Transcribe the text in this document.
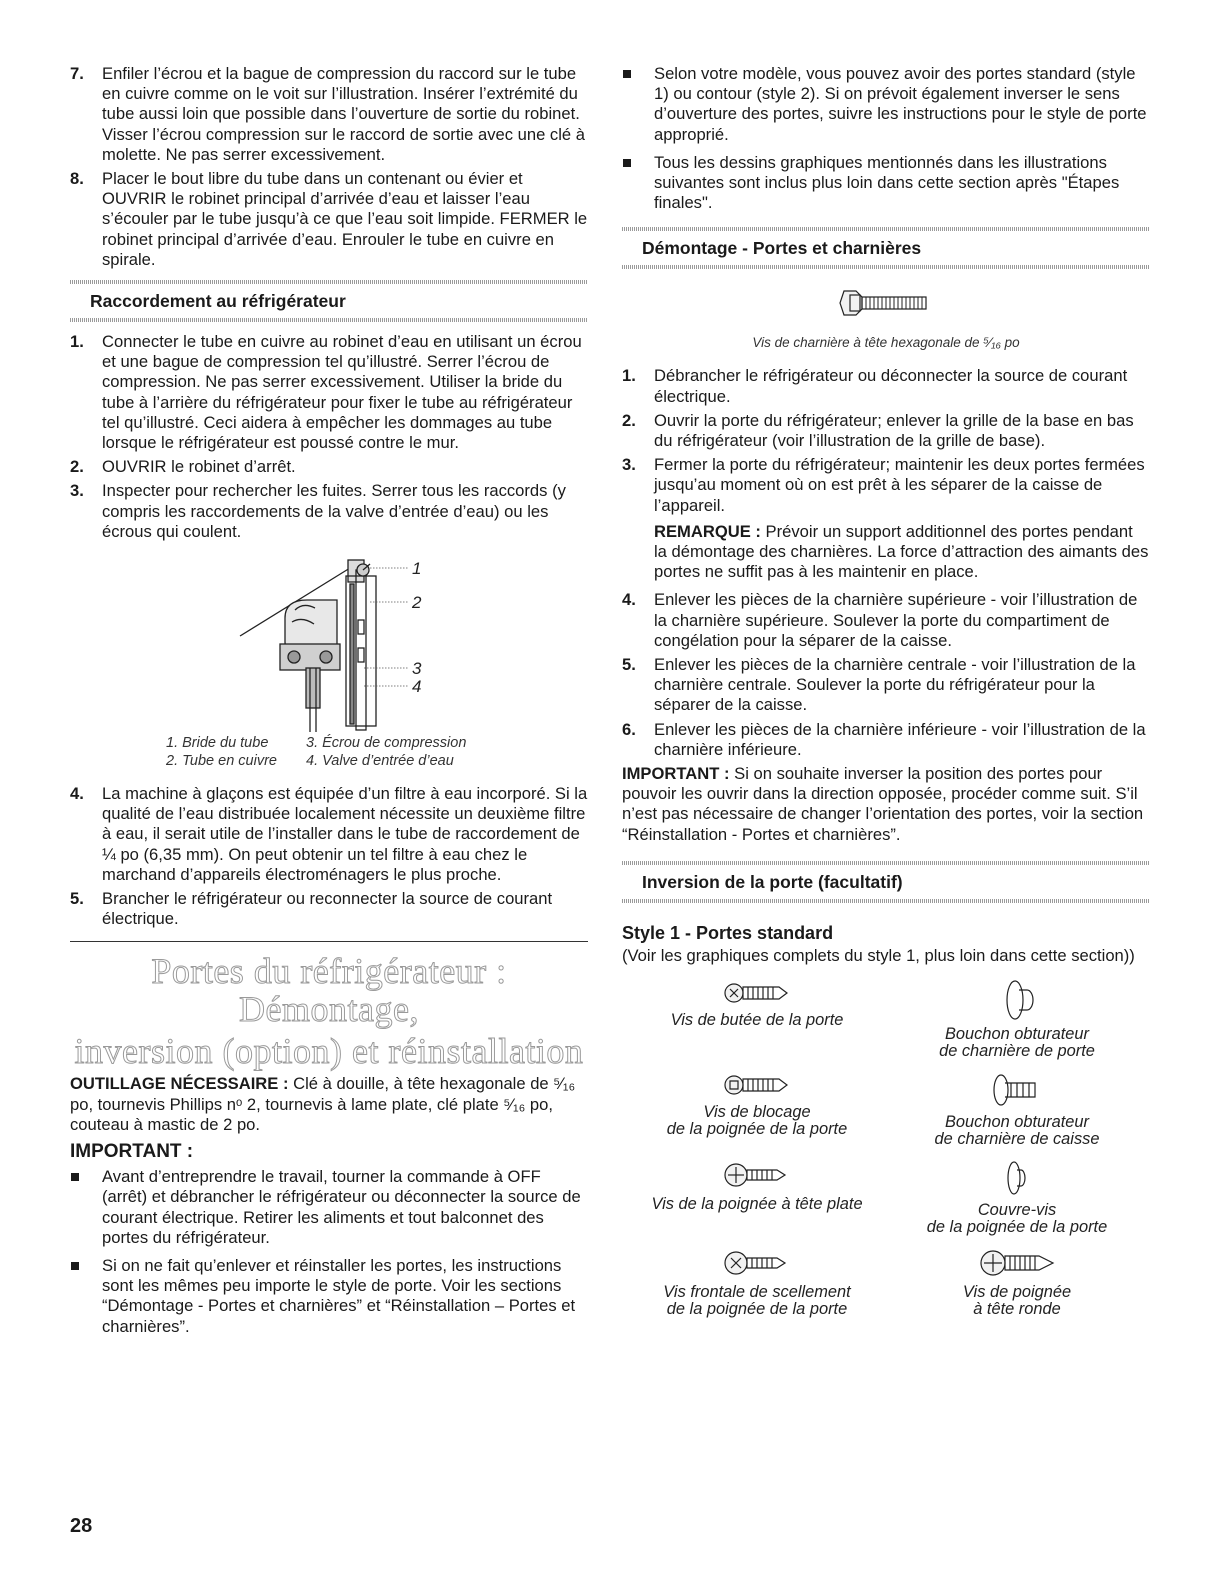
7. Enfiler l’écrou et la bague de compression du raccord sur le tube en cuivre comme on le voit sur l’illustration. Insérer l’extrémité du tube aussi loin que possible dans l’ouverture de sortie du robinet. Visser l’écrou compression sur le raccord de sortie avec une clé à molette. Ne pas serrer excessivement.
8. Placer le bout libre du tube dans un contenant ou évier et OUVRIR le robinet principal d’arrivée d’eau et laisser l’eau s’écouler par le tube jusqu’à ce que l’eau soit limpide. FERMER le robinet principal d’arrivée d’eau. Enrouler le tube en cuivre en spirale.
Raccordement au réfrigérateur
1. Connecter le tube en cuivre au robinet d’eau en utilisant un écrou et une bague de compression tel qu’illustré. Serrer l’écrou de compression. Ne pas serrer excessivement. Utiliser la bride du tube à l’arrière du réfrigérateur pour fixer le tube au réfrigérateur tel qu’illustré. Ceci aidera à empêcher les dommages au tube lorsque le réfrigérateur est poussé contre le mur.
2. OUVRIR le robinet d’arrêt.
3. Inspecter pour rechercher les fuites. Serrer tous les raccords (y compris les raccordements de la valve d’entrée d’eau) ou les écrous qui coulent.
1
2
3
4
1. Bride du tube	3. Écrou de compression
2. Tube en cuivre	4. Valve d’entrée d’eau
4. La machine à glaçons est équipée d’un filtre à eau incorporé. Si la qualité de l’eau distribuée localement nécessite un deuxième filtre à eau, il serait utile de l’installer dans le tube de raccordement de ¼ po (6,35 mm). On peut obtenir un tel filtre à eau chez le marchand d’appareils électroménagers le plus proche.
5. Brancher le réfrigérateur ou reconnecter la source de courant électrique.
Portes du réfrigérateur : Démontage,
inversion (option) et réinstallation

OUTILLAGE NÉCESSAIRE : Clé à douille, à tête hexagonale de ⁵⁄₁₆ po, tournevis Phillips nᵒ 2, tournevis à lame plate, clé plate ⁵⁄₁₆ po, couteau à mastic de 2 po.

IMPORTANT :
Avant d’entreprendre le travail, tourner la commande à OFF (arrêt) et débrancher le réfrigérateur ou déconnecter la source de courant électrique. Retirer les aliments et tout balconnet des portes du réfrigérateur.
Si on ne fait qu’enlever et réinstaller les portes, les instructions sont les mêmes peu importe le style de porte. Voir les sections “Démontage - Portes et charnières” et “Réinstallation – Portes et charnières”.
Selon votre modèle, vous pouvez avoir des portes standard (style 1) ou contour (style 2). Si on prévoit également inverser le sens d’ouverture des portes, suivre les instructions pour le style de porte approprié.
Tous les dessins graphiques mentionnés dans les illustrations suivantes sont inclus plus loin dans cette section après "Étapes finales".
Démontage - Portes et charnières
Vis de charnière à tête hexagonale de ⁵⁄₁₆ po
1. Débrancher le réfrigérateur ou déconnecter la source de courant électrique.
2. Ouvrir la porte du réfrigérateur; enlever la grille de la base en bas du réfrigérateur (voir l’illustration de la grille de base).
3. Fermer la porte du réfrigérateur; maintenir les deux portes fermées jusqu’au moment où on est prêt à les séparer de la caisse de l’appareil.

REMARQUE : Prévoir un support additionnel des portes pendant la démontage des charnières. La force d’attraction des aimants des portes ne suffit pas à les maintenir en place.

4. Enlever les pièces de la charnière supérieure - voir l’illustration de la charnière supérieure. Soulever la porte du compartiment de congélation pour la séparer de la caisse.
5. Enlever les pièces de la charnière centrale - voir l’illustration de la charnière centrale. Soulever la porte du réfrigérateur pour la séparer de la caisse.
6. Enlever les pièces de la charnière inférieure - voir l’illustration de la charnière inférieure.

IMPORTANT : Si on souhaite inverser la position des portes pour pouvoir les ouvrir dans la direction opposée, procéder comme suit. S’il n’est pas nécessaire de changer l’orientation des portes, voir la section “Réinstallation - Portes et charnières”.

Inversion de la porte (facultatif)
Style 1 - Portes standard

(Voir les graphiques complets du style 1, plus loin dans cette section))

Vis de butée de la porte
Bouchon obturateur
de charnière de porte
Vis de blocage
de la poignée de la porte	Bouchon obturateur
de charnière de caisse
Vis de la poignée à tête plate	Couvre-vis
de la poignée de la porte
Vis frontale de scellement
de la poignée de la porte
Vis de poignée
à tête ronde
28
